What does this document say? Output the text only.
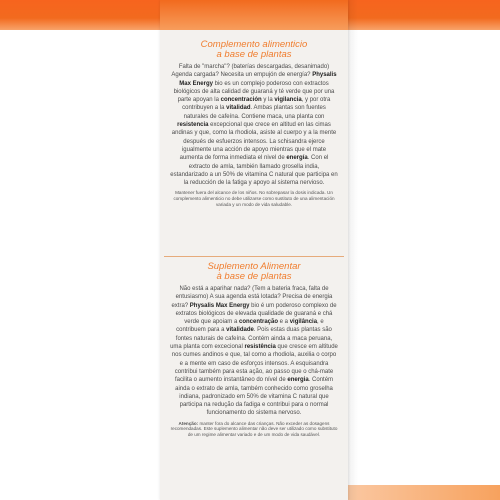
Complemento alimenticio
a base de plantas

Falta de "marcha"? (baterías descargadas, desanimado) Agenda cargada? Necesita un empujón de energía? Physalis Max Energy bio es un complejo poderoso con extractos biológicos de alta calidad de guaraná y té verde que por una parte apoyan la concentración y la vigilancia, y por otra contribuyen a la vitalidad. Ambas plantas son fuentes naturales de cafeína. Contiene maca, una planta con resistencia excepcional que crece en altitud en las cimas andinas y que, como la rhodiola, asiste al cuerpo y a la mente después de esfuerzos intensos. La schisandra ejerce igualmente una acción de apoyo mientras que el mate aumenta de forma inmediata el nivel de energía. Con el extracto de amla, también llamado grosella india, estandarizado a un 50% de vitamina C natural que participa en la reducción de la fatiga y apoyo al sistema nervioso.

Mantener fuera del alcance de los niños. No sobrepasar la dosis indicada. Un complemento alimenticio no debe utilizarse como sustituto de una alimentación variada y un modo de vida saludable.

Suplemento Alimentar
à base de plantas

Não está a aparihar nada? (Tem a bateria fraca, falta de entusiasmo) A sua agenda está lotada? Precisa de energia extra? Physalis Max Energy bio é um poderoso complexo de extratos biológicos de elevada qualidade de guaraná e chá verde que apoiam a concentração e a vigilância, e contribuem para a vitalidade. Pois estas duas plantas são fontes naturais de cafeína. Contém ainda a maca peruana, uma planta com excecional resistência que cresce em altitude nos cumes andinos e que, tal como a rhodiola, auxilia o corpo e a mente em caso de esforços intensos. A esquisandra contribui também para esta ação, ao passo que o chá-mate facilita o aumento instantâneo do nível de energia. Contém ainda o extrato de amla, também conhecido como groselha indiana, padronizado em 50% de vitamina C natural que participa na redução da fadiga e contribui para o normal funcionamento do sistema nervoso.

Atenção: manter fora do alcance das crianças. Não exceder as dosagens recomendadas. Este suplemento alimentar não deve ser utilizado como substituto de um regime alimentar variado e de um modo de vida saudável.
